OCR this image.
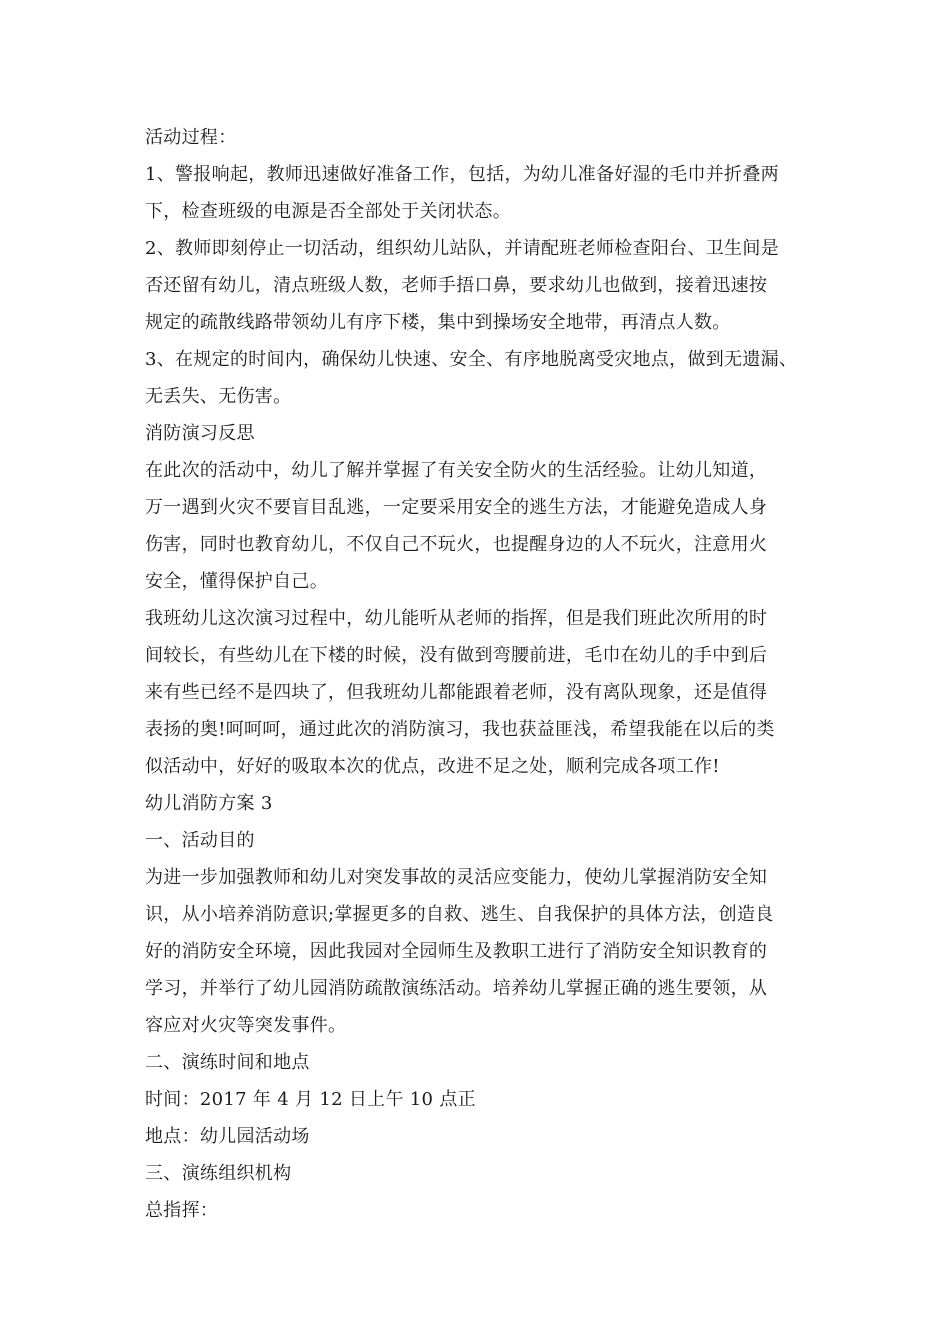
活动过程：
1、警报响起，教师迅速做好准备工作，包括，为幼儿准备好湿的毛巾并折叠两
下，检查班级的电源是否全部处于关闭状态。
2、教师即刻停止一切活动，组织幼儿站队，并请配班老师检查阳台、卫生间是
否还留有幼儿，清点班级人数，老师手捂口鼻，要求幼儿也做到，接着迅速按
规定的疏散线路带领幼儿有序下楼，集中到操场安全地带，再清点人数。
3、在规定的时间内，确保幼儿快速、安全、有序地脱离受灾地点，做到无遗漏、
无丢失、无伤害。
消防演习反思
在此次的活动中，幼儿了解并掌握了有关安全防火的生活经验。让幼儿知道，
万一遇到火灾不要盲目乱逃，一定要采用安全的逃生方法，才能避免造成人身
伤害，同时也教育幼儿，不仅自己不玩火，也提醒身边的人不玩火，注意用火
安全，懂得保护自己。
我班幼儿这次演习过程中，幼儿能听从老师的指挥，但是我们班此次所用的时
间较长，有些幼儿在下楼的时候，没有做到弯腰前进，毛巾在幼儿的手中到后
来有些已经不是四块了，但我班幼儿都能跟着老师，没有离队现象，还是值得
表扬的奥!呵呵呵，通过此次的消防演习，我也获益匪浅，希望我能在以后的类
似活动中，好好的吸取本次的优点，改进不足之处，顺利完成各项工作!
幼儿消防方案 3
一、活动目的
为进一步加强教师和幼儿对突发事故的灵活应变能力，使幼儿掌握消防安全知
识，从小培养消防意识;掌握更多的自救、逃生、自我保护的具体方法，创造良
好的消防安全环境，因此我园对全园师生及教职工进行了消防安全知识教育的
学习，并举行了幼儿园消防疏散演练活动。培养幼儿掌握正确的逃生要领，从
容应对火灾等突发事件。
二、演练时间和地点
时间：2017 年 4 月 12 日上午 10 点正
地点：幼儿园活动场
三、演练组织机构
总指挥：
